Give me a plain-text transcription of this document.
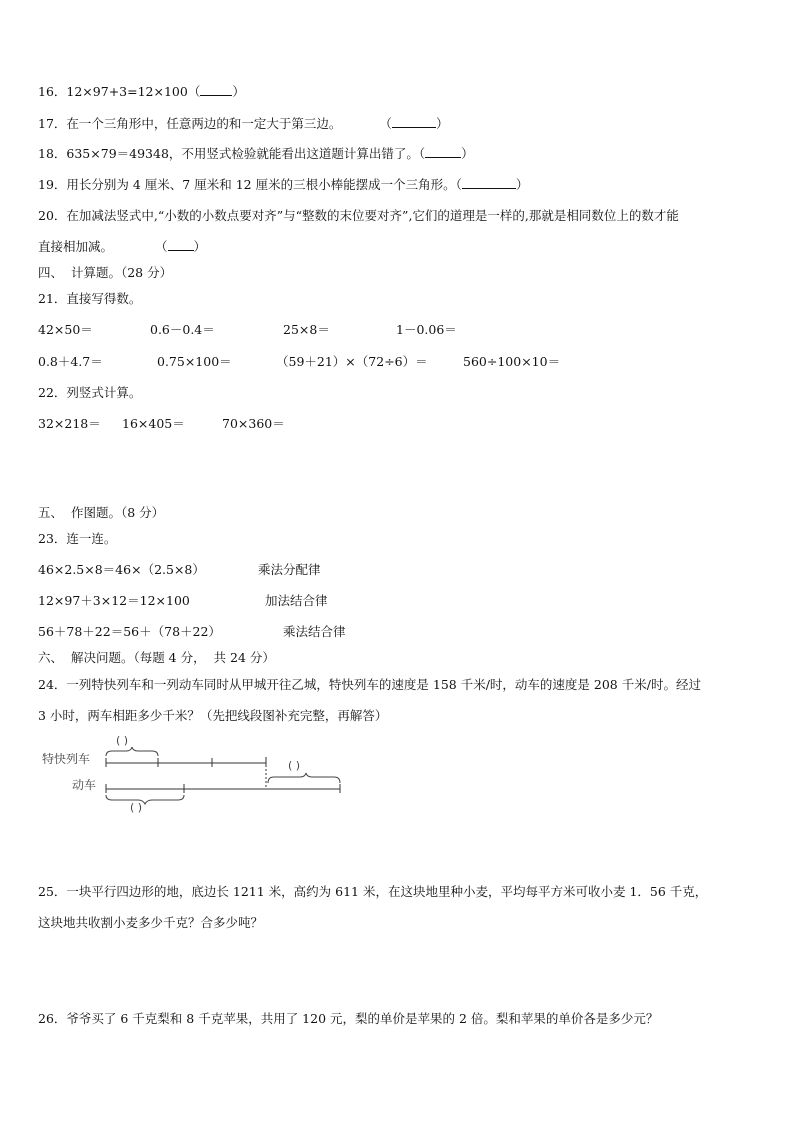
16．12×97+3=12×100（	）
17．在一个三角形中，任意两边的和一定大于第三边。	（	）
18．635×79＝49348，不用竖式检验就能看出这道题计算出错了。（	）
19．用长分别为 4 厘米、7 厘米和 12 厘米的三根小棒能摆成一个三角形。（	）
20．在加减法竖式中,“小数的小数点要对齐”与“整数的末位要对齐”,它们的道理是一样的,那就是相同数位上的数才能
直接相加减。	（ ）
四、  计算题。（28 分）
21．直接写得数。
42×50＝	0.6－0.4＝	25×8＝	1－0.06＝
0.8＋4.7＝	0.75×100＝	（59＋21）×（72÷6）＝	560÷100×10＝
22．列竖式计算。
32×218＝ 16×405＝	70×360＝
五、  作图题。（8 分）
23．连一连。
46×2.5×8＝46×（2.5×8）	乘法分配律
12×97＋3×12＝12×100	加法结合律
56＋78＋22＝56＋（78＋22）	乘法结合律
六、  解决问题。（每题 4 分，  共 24 分）
24．一列特快列车和一列动车同时从甲城开往乙城，特快列车的速度是 158 千米/时，动车的速度是 208 千米/时。经过
3 小时，两车相距多少千米？（先把线段图补充完整，再解答）
特快列车
动车
( )
( )
( )
25．一块平行四边形的地，底边长 1211 米，高约为 611 米，在这块地里种小麦，平均每平方米可收小麦 1．56 千克，
这块地共收割小麦多少千克？合多少吨？
26．爷爷买了 6 千克梨和 8 千克苹果，共用了 120 元，梨的单价是苹果的 2 倍。梨和苹果的单价各是多少元？
